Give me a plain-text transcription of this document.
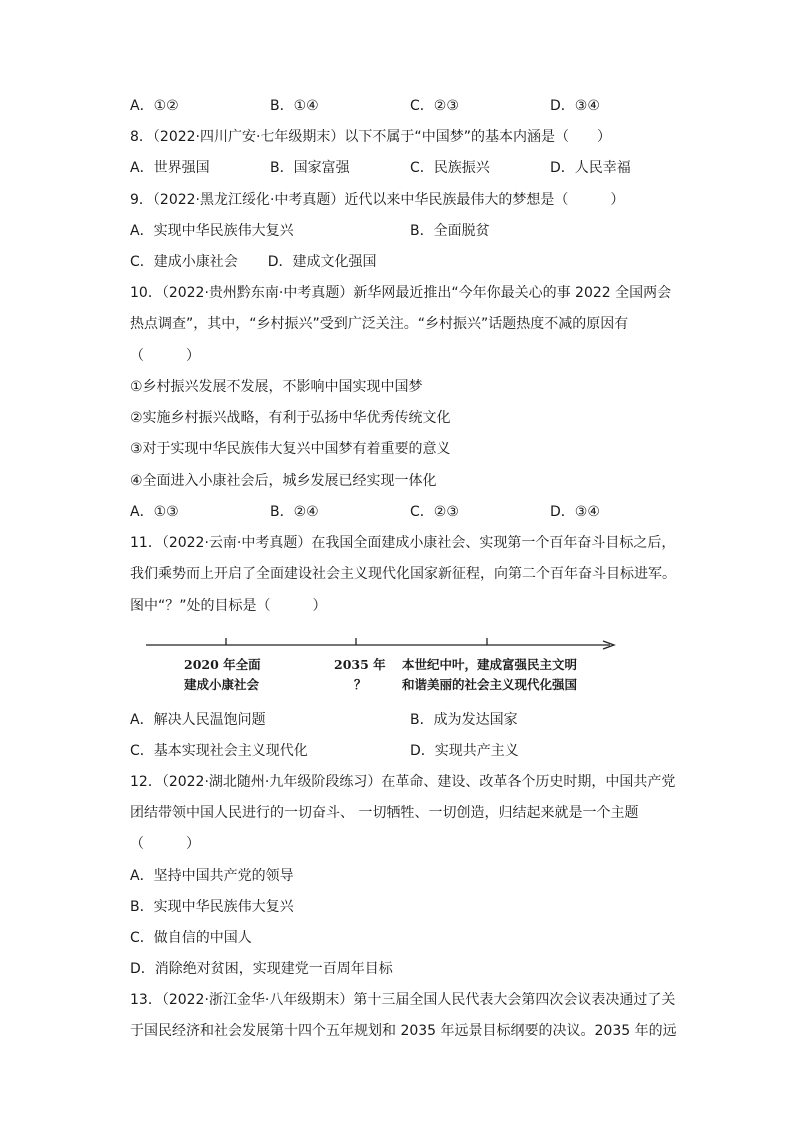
A．①②	B．①④	C．②③	D．③④
8．（2022·四川广安·七年级期末）以下不属于“中国梦”的基本内涵是（　　）
A．世界强国	B．国家富强	C．民族振兴	D．人民幸福
9．（2022·黑龙江绥化·中考真题）近代以来中华民族最伟大的梦想是（　　　）
A．实现中华民族伟大复兴	B．全面脱贫
C．建成小康社会 D．建成文化强国
10．（2022·贵州黔东南·中考真题）新华网最近推出“今年你最关心的事 2022 全国两会
热点调查”，其中，“乡村振兴”受到广泛关注。“乡村振兴”话题热度不减的原因有
（　　　）
①乡村振兴发展不发展，不影响中国实现中国梦
②实施乡村振兴战略，有利于弘扬中华优秀传统文化
③对于实现中华民族伟大复兴中国梦有着重要的意义
④全面进入小康社会后，城乡发展已经实现一体化
A．①③	B．②④	C．②③	D．③④
11．（2022·云南·中考真题）在我国全面建成小康社会、实现第一个百年奋斗目标之后，
我们乘势而上开启了全面建设社会主义现代化国家新征程，向第二个百年奋斗目标进军。
图中“？”处的目标是（　　　）
2020 年全面
建成小康社会
2035 年
？
本世纪中叶，建成富强民主文明
和谐美丽的社会主义现代化强国
A．解决人民温饱问题	B．成为发达国家
C．基本实现社会主义现代化	D．实现共产主义
12．（2022·湖北随州·九年级阶段练习）在革命、建设、改革各个历史时期，中国共产党
团结带领中国人民进行的一切奋斗、 一切牺牲、一切创造，归结起来就是一个主题
（　　　）
A．坚持中国共产党的领导
B．实现中华民族伟大复兴
C．做自信的中国人
D．消除绝对贫困，实现建党一百周年目标
13．（2022·浙江金华·八年级期末）第十三届全国人民代表大会第四次会议表决通过了关
于国民经济和社会发展第十四个五年规划和 2035 年远景目标纲要的决议。2035 年的远
